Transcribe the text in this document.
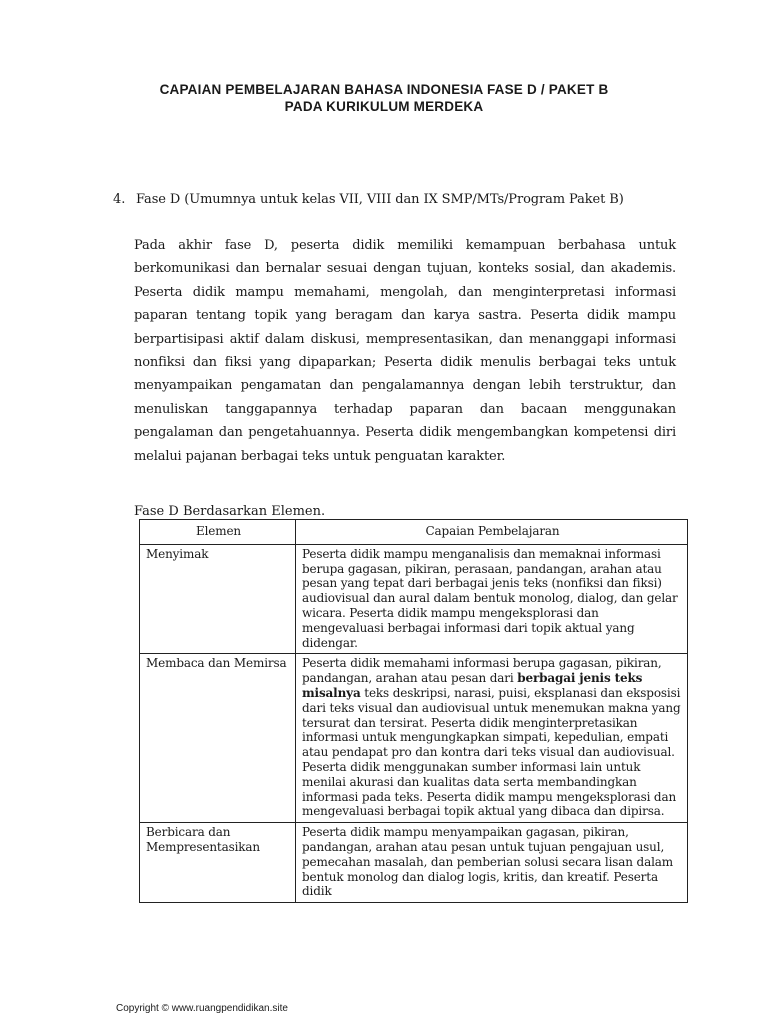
CAPAIAN PEMBELAJARAN BAHASA INDONESIA FASE D / PAKET B
PADA KURIKULUM MERDEKA
4. Fase D (Umumnya untuk kelas VII, VIII dan IX SMP/MTs/Program Paket B)
Pada akhir fase D, peserta didik memiliki kemampuan berbahasa untuk berkomunikasi dan bernalar sesuai dengan tujuan, konteks sosial, dan akademis. Peserta didik mampu memahami, mengolah, dan menginterpretasi informasi paparan tentang topik yang beragam dan karya sastra. Peserta didik mampu berpartisipasi aktif dalam diskusi, mempresentasikan, dan menanggapi informasi nonfiksi dan fiksi yang dipaparkan; Peserta didik menulis berbagai teks untuk menyampaikan pengamatan dan pengalamannya dengan lebih terstruktur, dan menuliskan tanggapannya terhadap paparan dan bacaan menggunakan pengalaman dan pengetahuannya. Peserta didik mengembangkan kompetensi diri melalui pajanan berbagai teks untuk penguatan karakter.
Fase D Berdasarkan Elemen.
Elemen	Capaian Pembelajaran
Menyimak	Peserta didik mampu menganalisis dan memaknai informasi berupa gagasan, pikiran, perasaan, pandangan, arahan atau pesan yang tepat dari berbagai jenis teks (nonfiksi dan fiksi) audiovisual dan aural dalam bentuk monolog, dialog, dan gelar wicara. Peserta didik mampu mengeksplorasi dan mengevaluasi berbagai informasi dari topik aktual yang didengar.
Membaca dan Memirsa	Peserta didik memahami informasi berupa gagasan, pikiran, pandangan, arahan atau pesan dari berbagai jenis teks misalnya teks deskripsi, narasi, puisi, eksplanasi dan eksposisi dari teks visual dan audiovisual untuk menemukan makna yang tersurat dan tersirat. Peserta didik menginterpretasikan informasi untuk mengungkapkan simpati, kepedulian, empati atau pendapat pro dan kontra dari teks visual dan audiovisual. Peserta didik menggunakan sumber informasi lain untuk menilai akurasi dan kualitas data serta membandingkan informasi pada teks. Peserta didik mampu mengeksplorasi dan mengevaluasi berbagai topik aktual yang dibaca dan dipirsa.
Berbicara dan Mempresentasikan	Peserta didik mampu menyampaikan gagasan, pikiran, pandangan, arahan atau pesan untuk tujuan pengajuan usul, pemecahan masalah, dan pemberian solusi secara lisan dalam bentuk monolog dan dialog logis, kritis, dan kreatif. Peserta didik
Copyright © www.ruangpendidikan.site
